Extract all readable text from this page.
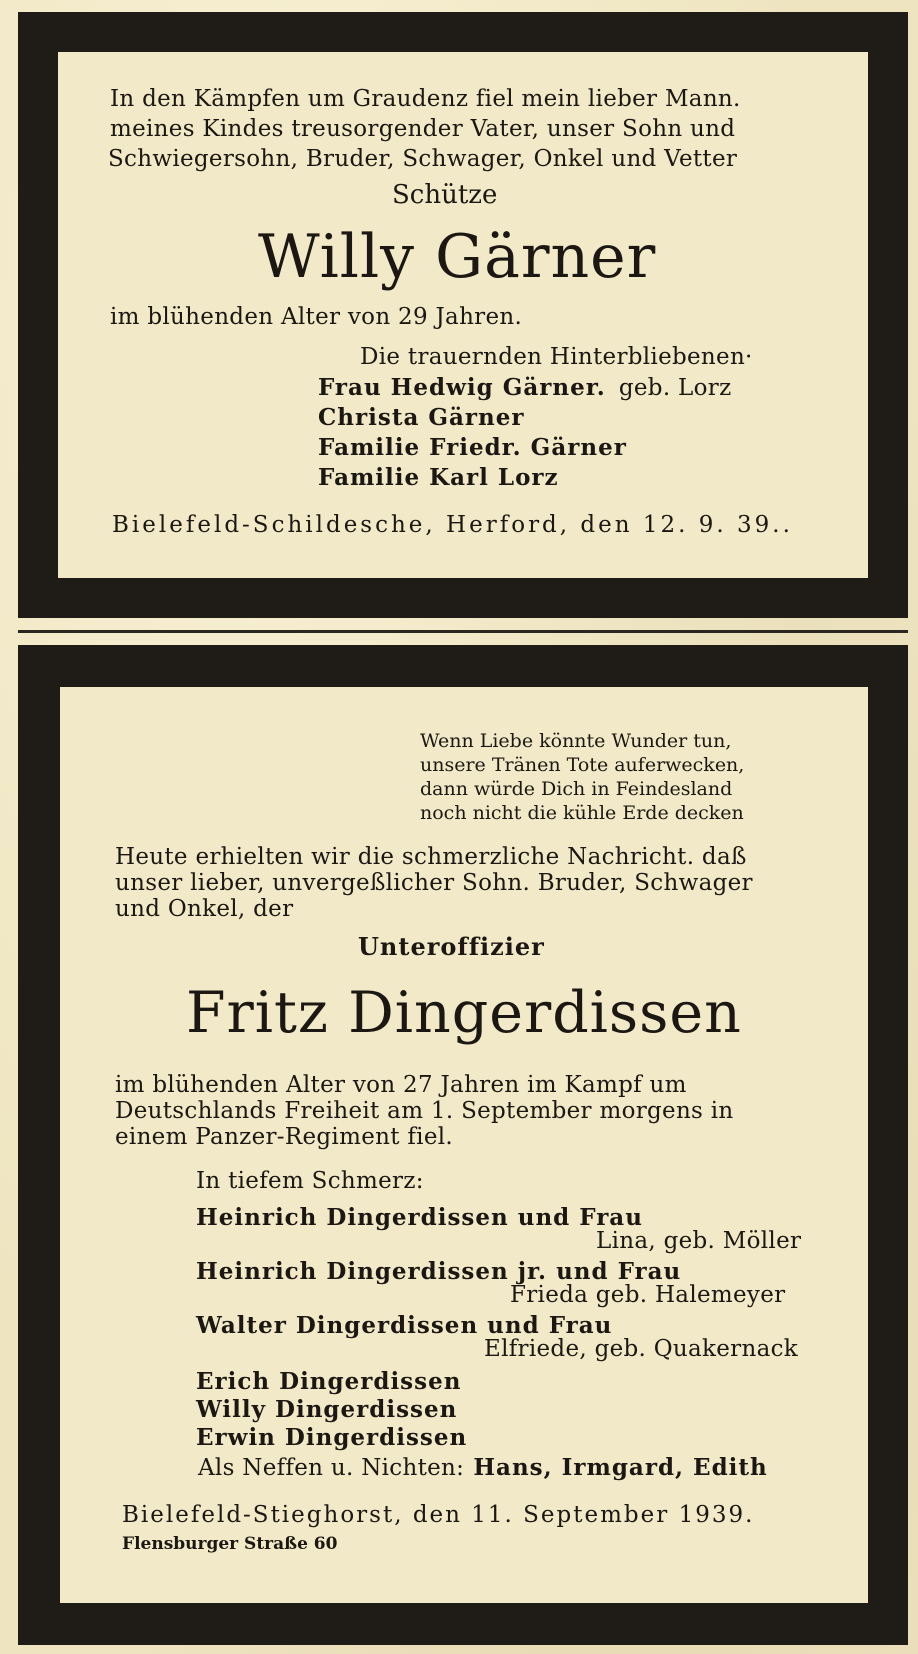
In den Kämpfen um Graudenz fiel mein lieber Mann.
meines Kindes treusorgender Vater, unser Sohn und
Schwiegersohn, Bruder, Schwager, Onkel und Vetter
Schütze
Willy Gärner
im blühenden Alter von 29 Jahren.
Die trauernden Hinterbliebenen·
Frau Hedwig Gärner. geb. Lorz
Christa Gärner
Familie Friedr. Gärner
Familie Karl Lorz
Bielefeld-Schildesche, Herford, den 12. 9. 39..
Wenn Liebe könnte Wunder tun,
unsere Tränen Tote auferwecken,
dann würde Dich in Feindesland
noch nicht die kühle Erde decken
Heute erhielten wir die schmerzliche Nachricht. daß
unser lieber, unvergeßlicher Sohn. Bruder, Schwager
und Onkel, der
Unteroffizier
Fritz Dingerdissen
im blühenden Alter von 27 Jahren im Kampf um
Deutschlands Freiheit am 1. September morgens in
einem Panzer-Regiment fiel.
In tiefem Schmerz:
Heinrich Dingerdissen und Frau
Lina, geb. Möller
Heinrich Dingerdissen jr. und Frau
Frieda geb. Halemeyer
Walter Dingerdissen und Frau
Elfriede, geb. Quakernack
Erich Dingerdissen
Willy Dingerdissen
Erwin Dingerdissen
Als Neffen u. Nichten: Hans, Irmgard, Edith
Bielefeld-Stieghorst, den 11. September 1939.
Flensburger Straße 60
